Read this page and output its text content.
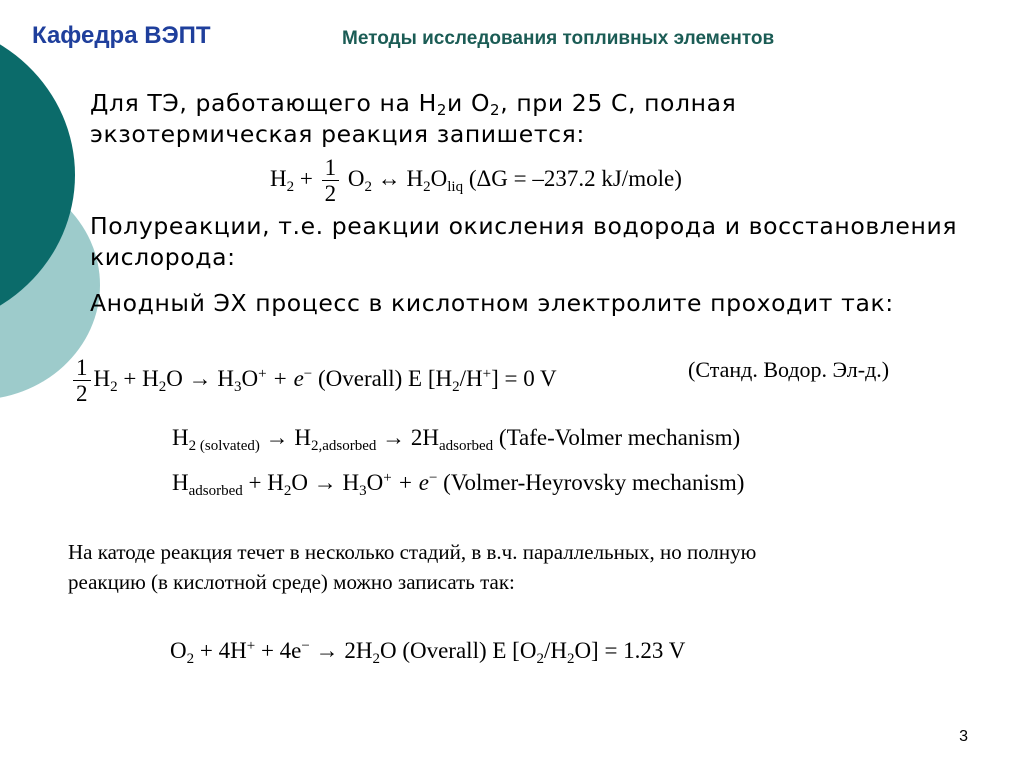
Кафедра ВЭПТ	Методы исследования топливных элементов
Для ТЭ, работающего на $H_2и$ $O_2$, при 25 С, полная
экзотермическая реакция запишется:
$H_2 + \frac{1}{2} O_2$ ↔ $H_2O_{liq}$ (ΔG = –237.2 kJ/mole)
Полуреакции, т.е. реакции окисления водорода и восстановления
кислорода:
Анодный ЭХ процесс в кислотном электролите проходит так:
$\frac{1}{2} H_2 + H_2O \to H_3O^+ + e^-$ (Overall) E $[H_2/H^+] = 0$ V	(Станд. Водор. Эл-д.)
$H_{2 (solvated)} \to H_{2,adsorbed} \to 2H_{adsorbed}$ (Tafe-Volmer mechanism)
$H_{adsorbed} + H_2O \to H_3O^+ + e^-$ (Volmer-Heyrovsky mechanism)
На катоде реакция течет в несколько стадий, в в.ч. параллельных, но полную
реакцию (в кислотной среде) можно записать так:
$O_2 + 4H^+ + 4e^- \to 2H_2O$ (Overall) E $[O_2/H_2O] = 1.23$ V
3
